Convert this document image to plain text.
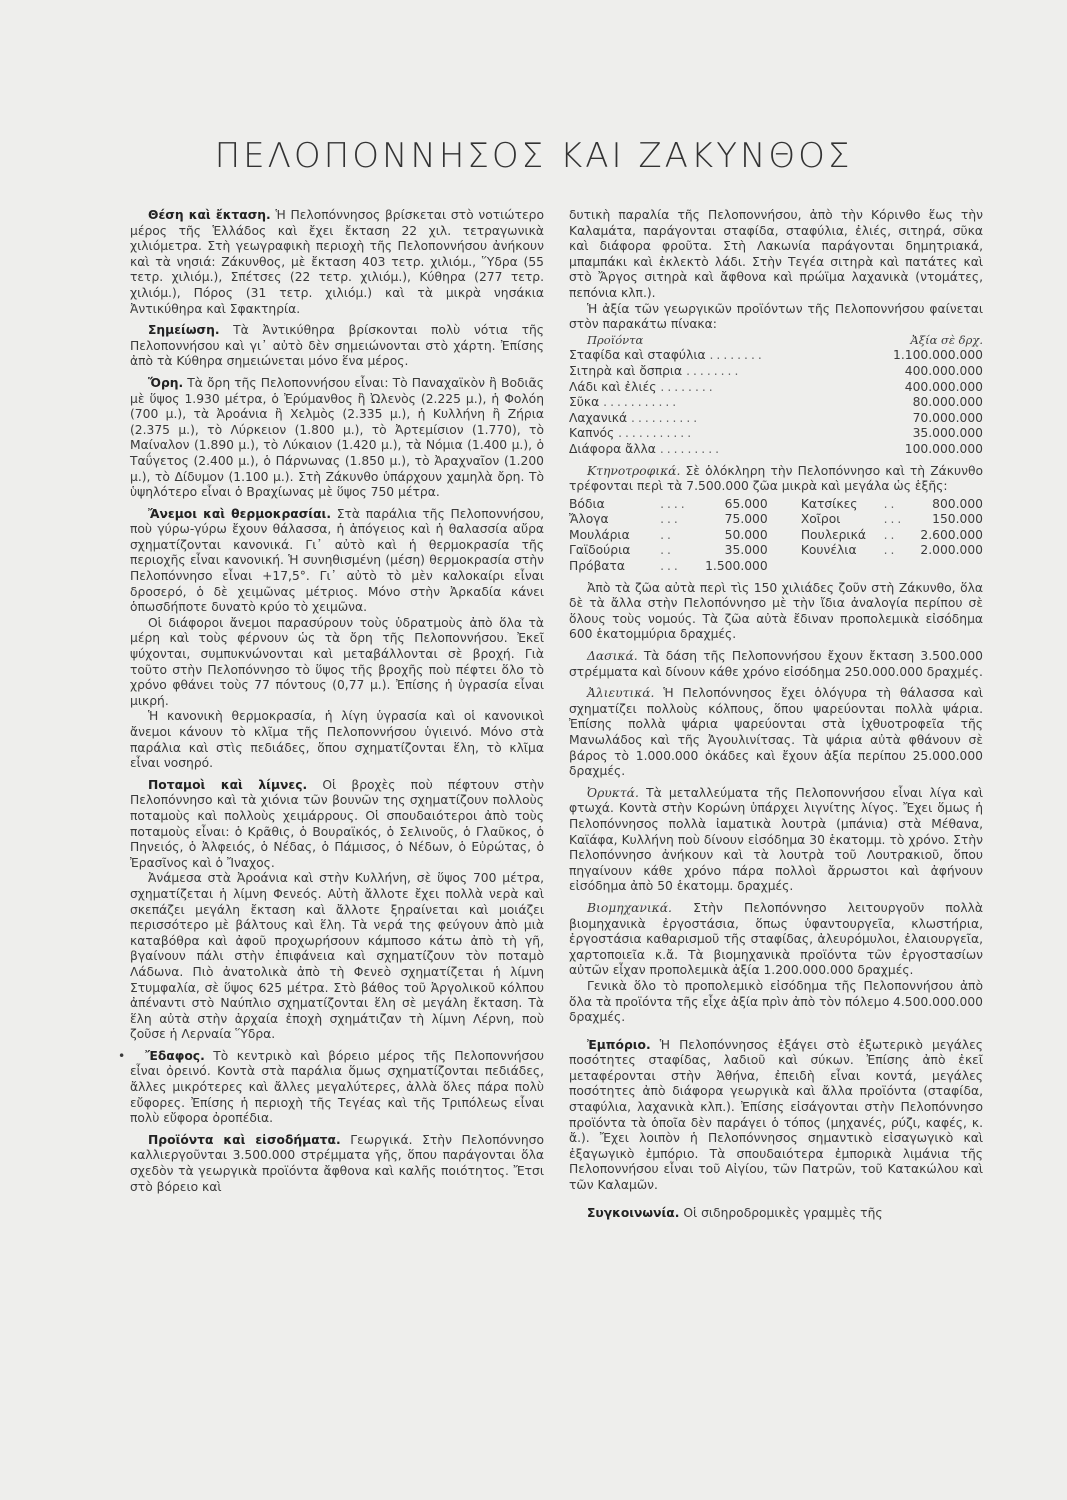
ΠΕΛΟΠΟΝΝΗΣΟΣ ΚΑΙ ΖΑΚΥΝΘΟΣ

Θέση καὶ ἔκταση. Ἡ Πελοπόννησος βρίσκεται στὸ νοτιώτερο μέρος τῆς Ἑλλάδος καὶ ἔχει ἔκταση 22 χιλ. τετραγωνικὰ χιλιόμετρα. Στὴ γεωγραφικὴ περιοχὴ τῆς Πελοποννήσου ἀνήκουν καὶ τὰ νησιά: Ζάκυνθος, μὲ ἔκταση 403 τετρ. χιλιόμ., Ὕδρα (55 τετρ. χιλιόμ.), Σπέτσες (22 τετρ. χιλιόμ.), Κύθηρα (277 τετρ. χιλιόμ.), Πόρος (31 τετρ. χιλιόμ.) καὶ τὰ μικρὰ νησάκια Ἀντικύθηρα καὶ Σφακτηρία.

Σημείωση. Τὰ Ἀντικύθηρα βρίσκονται πολὺ νότια τῆς Πελοποννήσου καὶ γι᾿ αὐτὸ δὲν σημειώνονται στὸ χάρτη. Ἐπίσης ἀπὸ τὰ Κύθηρα σημειώνεται μόνο ἕνα μέρος.

Ὄρη. Τὰ ὄρη τῆς Πελοποννήσου εἶναι: Τὸ Παναχαϊκὸν ἢ Βοδιᾶς μὲ ὕψος 1.930 μέτρα, ὁ Ἐρύμανθος ἢ Ὠλενὸς (2.225 μ.), ἡ Φολόη (700 μ.), τὰ Ἀροάνια ἢ Χελμὸς (2.335 μ.), ἡ Κυλλήνη ἢ Ζήρια (2.375 μ.), τὸ Λύρκειον (1.800 μ.), τὸ Ἀρτεμίσιον (1.770), τὸ Μαίναλον (1.890 μ.), τὸ Λύκαιον (1.420 μ.), τὰ Νόμια (1.400 μ.), ὁ Ταΰγετος (2.400 μ.), ὁ Πάρνωνας (1.850 μ.), τὸ Ἀραχναῖον (1.200 μ.), τὸ Δίδυμον (1.100 μ.). Στὴ Ζάκυνθο ὑπάρχουν χαμηλὰ ὄρη. Τὸ ὑψηλότερο εἶναι ὁ Βραχίωνας μὲ ὕψος 750 μέτρα.

Ἄνεμοι καὶ θερμοκρασίαι. Στὰ παράλια τῆς Πελοποννήσου, ποὺ γύρω-γύρω ἔχουν θάλασσα, ἡ ἀπόγειος καὶ ἡ θαλασσία αὔρα σχηματίζονται κανονικά. Γι᾿ αὐτὸ καὶ ἡ θερμοκρασία τῆς περιοχῆς εἶναι κανονική. Ἡ συνηθισμένη (μέση) θερμοκρασία στὴν Πελοπόννησο εἶναι +17,5°. Γι᾿ αὐτὸ τὸ μὲν καλοκαίρι εἶναι δροσερό, ὁ δὲ χειμῶνας μέτριος. Μόνο στὴν Ἀρκαδία κάνει ὁπωσδήποτε δυνατὸ κρύο τὸ χειμῶνα.

Οἱ διάφοροι ἄνεμοι παρασύρουν τοὺς ὑδρατμοὺς ἀπὸ ὅλα τὰ μέρη καὶ τοὺς φέρνουν ὡς τὰ ὄρη τῆς Πελοποννήσου. Ἐκεῖ ψύχονται, συμπυκνώνονται καὶ μεταβάλλονται σὲ βροχή. Γιὰ τοῦτο στὴν Πελοπόννησο τὸ ὕψος τῆς βροχῆς ποὺ πέφτει ὅλο τὸ χρόνο φθάνει τοὺς 77 πόντους (0,77 μ.). Ἐπίσης ἡ ὑγρασία εἶναι μικρή.

Ἡ κανονικὴ θερμοκρασία, ἡ λίγη ὑγρασία καὶ οἱ κανονικοὶ ἄνεμοι κάνουν τὸ κλῖμα τῆς Πελοποννήσου ὑγιεινό. Μόνο στὰ παράλια καὶ στὶς πεδιάδες, ὅπου σχηματίζονται ἕλη, τὸ κλῖμα εἶναι νοσηρό.

Ποταμοὶ καὶ λίμνες. Οἱ βροχὲς ποὺ πέφτουν στὴν Πελοπόννησο καὶ τὰ χιόνια τῶν βουνῶν της σχηματίζουν πολλοὺς ποταμοὺς καὶ πολλοὺς χειμάρρους. Οἱ σπουδαιότεροι ἀπὸ τοὺς ποταμοὺς εἶναι: ὁ Κρᾶθις, ὁ Βουραϊκός, ὁ Σελινοῦς, ὁ Γλαῦκος, ὁ Πηνειός, ὁ Ἀλφειός, ὁ Νέδας, ὁ Πάμισος, ὁ Νέδων, ὁ Εὐρώτας, ὁ Ἐρασῖνος καὶ ὁ Ἴναχος.

Ἀνάμεσα στὰ Ἀροάνια καὶ στὴν Κυλλήνη, σὲ ὕψος 700 μέτρα, σχηματίζεται ἡ λίμνη Φενεός. Αὐτὴ ἄλλοτε ἔχει πολλὰ νερὰ καὶ σκεπάζει μεγάλη ἔκταση καὶ ἄλλοτε ξηραίνεται καὶ μοιάζει περισσότερο μὲ βάλτους καὶ ἕλη. Τὰ νερά της φεύγουν ἀπὸ μιὰ καταβόθρα καὶ ἀφοῦ προχωρήσουν κάμποσο κάτω ἀπὸ τὴ γῆ, βγαίνουν πάλι στὴν ἐπιφάνεια καὶ σχηματίζουν τὸν ποταμὸ Λάδωνα. Πιὸ ἀνατολικὰ ἀπὸ τὴ Φενεὸ σχηματίζεται ἡ λίμνη Στυμφαλία, σὲ ὕψος 625 μέτρα. Στὸ βάθος τοῦ Ἀργολικοῦ κόλπου ἀπέναντι στὸ Ναύπλιο σχηματίζονται ἕλη σὲ μεγάλη ἔκταση. Τὰ ἕλη αὐτὰ στὴν ἀρχαία ἐποχὴ σχημάτιζαν τὴ λίμνη Λέρνη, ποὺ ζοῦσε ἡ Λερναία Ὕδρα.

• Ἔδαφος. Τὸ κεντρικὸ καὶ βόρειο μέρος τῆς Πελοποννήσου εἶναι ὀρεινό. Κοντὰ στὰ παράλια ὅμως σχηματίζονται πεδιάδες, ἄλλες μικρότερες καὶ ἄλλες μεγαλύτερες, ἀλλὰ ὅλες πάρα πολὺ εὔφορες. Ἐπίσης ἡ περιοχὴ τῆς Τεγέας καὶ τῆς Τριπόλεως εἶναι πολὺ εὔφορα ὀροπέδια.

Προϊόντα καὶ εἰσοδήματα. Γεωργικά. Στὴν Πελοπόννησο καλλιεργοῦνται 3.500.000 στρέμματα γῆς, ὅπου παράγονται ὅλα σχεδὸν τὰ γεωργικὰ προϊόντα ἄφθονα καὶ καλῆς ποιότητος. Ἔτσι στὸ βόρειο καὶ

δυτικὴ παραλία τῆς Πελοποννήσου, ἀπὸ τὴν Κόρινθο ἕως τὴν Καλαμάτα, παράγονται σταφίδα, σταφύλια, ἐλιές, σιτηρά, σῦκα καὶ διάφορα φροῦτα. Στὴ Λακωνία παράγονται δημητριακά, μπαμπάκι καὶ ἐκλεκτὸ λάδι. Στὴν Τεγέα σιτηρὰ καὶ πατάτες καὶ στὸ Ἄργος σιτηρὰ καὶ ἄφθονα καὶ πρώϊμα λαχανικὰ (ντομάτες, πεπόνια κλπ.).

Ἡ ἀξία τῶν γεωργικῶν προϊόντων τῆς Πελοποννήσου φαίνεται στὸν παρακάτω πίνακα:

Προϊόντα	Ἀξία σὲ δρχ.
Σταφίδα καὶ σταφύλια ........	1.100.000.000
Σιτηρὰ καὶ ὄσπρια ........	400.000.000
Λάδι καὶ ἐλιές ........	400.000.000
Σῦκα ...........	80.000.000
Λαχανικά ..........	70.000.000
Καπνός ...........	35.000.000
Διάφορα ἄλλα .........	100.000.000

Κτηνοτροφικά. Σὲ ὁλόκληρη τὴν Πελοπόννησο καὶ τὴ Ζάκυνθο τρέφονται περὶ τὰ 7.500.000 ζῶα μικρὰ καὶ μεγάλα ὡς ἑξῆς:

Βόδια	....	65.000		Κατσίκες	..	800.000
Ἄλογα	...	75.000		Χοῖροι	...	150.000
Μουλάρια	..	50.000		Πουλερικά	..	2.600.000
Γαϊδούρια	..	35.000		Κουνέλια	..	2.000.000
Πρόβατα	...	1.500.000				

Ἀπὸ τὰ ζῶα αὐτὰ περὶ τὶς 150 χιλιάδες ζοῦν στὴ Ζάκυνθο, ὅλα δὲ τὰ ἄλλα στὴν Πελοπόννησο μὲ τὴν ἴδια ἀναλογία περίπου σὲ ὅλους τοὺς νομούς. Τὰ ζῶα αὐτὰ ἔδιναν προπολεμικὰ εἰσόδημα 600 ἑκατομμύρια δραχμές.

Δασικά. Τὰ δάση τῆς Πελοποννήσου ἔχουν ἔκταση 3.500.000 στρέμματα καὶ δίνουν κάθε χρόνο εἰσόδημα 250.000.000 δραχμές.

Ἀλιευτικά. Ἡ Πελοπόννησος ἔχει ὁλόγυρα τὴ θάλασσα καὶ σχηματίζει πολλοὺς κόλπους, ὅπου ψαρεύονται πολλὰ ψάρια. Ἐπίσης πολλὰ ψάρια ψαρεύονται στὰ ἰχθυοτροφεῖα τῆς Μανωλάδος καὶ τῆς Ἀγουλινίτσας. Τὰ ψάρια αὐτὰ φθάνουν σὲ βάρος τὸ 1.000.000 ὀκάδες καὶ ἔχουν ἀξία περίπου 25.000.000 δραχμές.

Ὀρυκτά. Τὰ μεταλλεύματα τῆς Πελοποννήσου εἶναι λίγα καὶ φτωχά. Κοντὰ στὴν Κορώνη ὑπάρχει λιγνίτης λίγος. Ἔχει ὅμως ἡ Πελοπόννησος πολλὰ ἰαματικὰ λουτρὰ (μπάνια) στὰ Μέθανα, Καϊάφα, Κυλλήνη ποὺ δίνουν εἰσόδημα 30 ἑκατομμ. τὸ χρόνο. Στὴν Πελοπόννησο ἀνήκουν καὶ τὰ λουτρὰ τοῦ Λουτρακιοῦ, ὅπου πηγαίνουν κάθε χρόνο πάρα πολλοὶ ἄρρωστοι καὶ ἀφήνουν εἰσόδημα ἀπὸ 50 ἑκατομμ. δραχμές.

Βιομηχανικά. Στὴν Πελοπόννησο λειτουργοῦν πολλὰ βιομηχανικὰ ἐργοστάσια, ὅπως ὑφαντουργεῖα, κλωστήρια, ἐργοστάσια καθαρισμοῦ τῆς σταφίδας, ἀλευρόμυλοι, ἐλαιουργεῖα, χαρτοποιεῖα κ.ἄ. Τὰ βιομηχανικὰ προϊόντα τῶν ἐργοστασίων αὐτῶν εἶχαν προπολεμικὰ ἀξία 1.200.000.000 δραχμές.

Γενικὰ ὅλο τὸ προπολεμικὸ εἰσόδημα τῆς Πελοποννήσου ἀπὸ ὅλα τὰ προϊόντα τῆς εἶχε ἀξία πρὶν ἀπὸ τὸν πόλεμο 4.500.000.000 δραχμές.

Ἐμπόριο. Ἡ Πελοπόννησος ἐξάγει στὸ ἐξωτερικὸ μεγάλες ποσότητες σταφίδας, λαδιοῦ καὶ σύκων. Ἐπίσης ἀπὸ ἐκεῖ μεταφέρονται στὴν Ἀθήνα, ἐπειδὴ εἶναι κοντά, μεγάλες ποσότητες ἀπὸ διάφορα γεωργικὰ καὶ ἄλλα προϊόντα (σταφίδα, σταφύλια, λαχανικὰ κλπ.). Ἐπίσης εἰσάγονται στὴν Πελοπόννησο προϊόντα τὰ ὁποῖα δὲν παράγει ὁ τόπος (μηχανές, ρύζι, καφές, κ. ἄ.). Ἔχει λοιπὸν ἡ Πελοπόννησος σημαντικὸ εἰσαγωγικὸ καὶ ἐξαγωγικὸ ἐμπόριο. Τὰ σπουδαιότερα ἐμπορικὰ λιμάνια τῆς Πελοποννήσου εἶναι τοῦ Αἰγίου, τῶν Πατρῶν, τοῦ Κατακώλου καὶ τῶν Καλαμῶν.

Συγκοινωνία. Οἱ σιδηροδρομικὲς γραμμὲς τῆς
